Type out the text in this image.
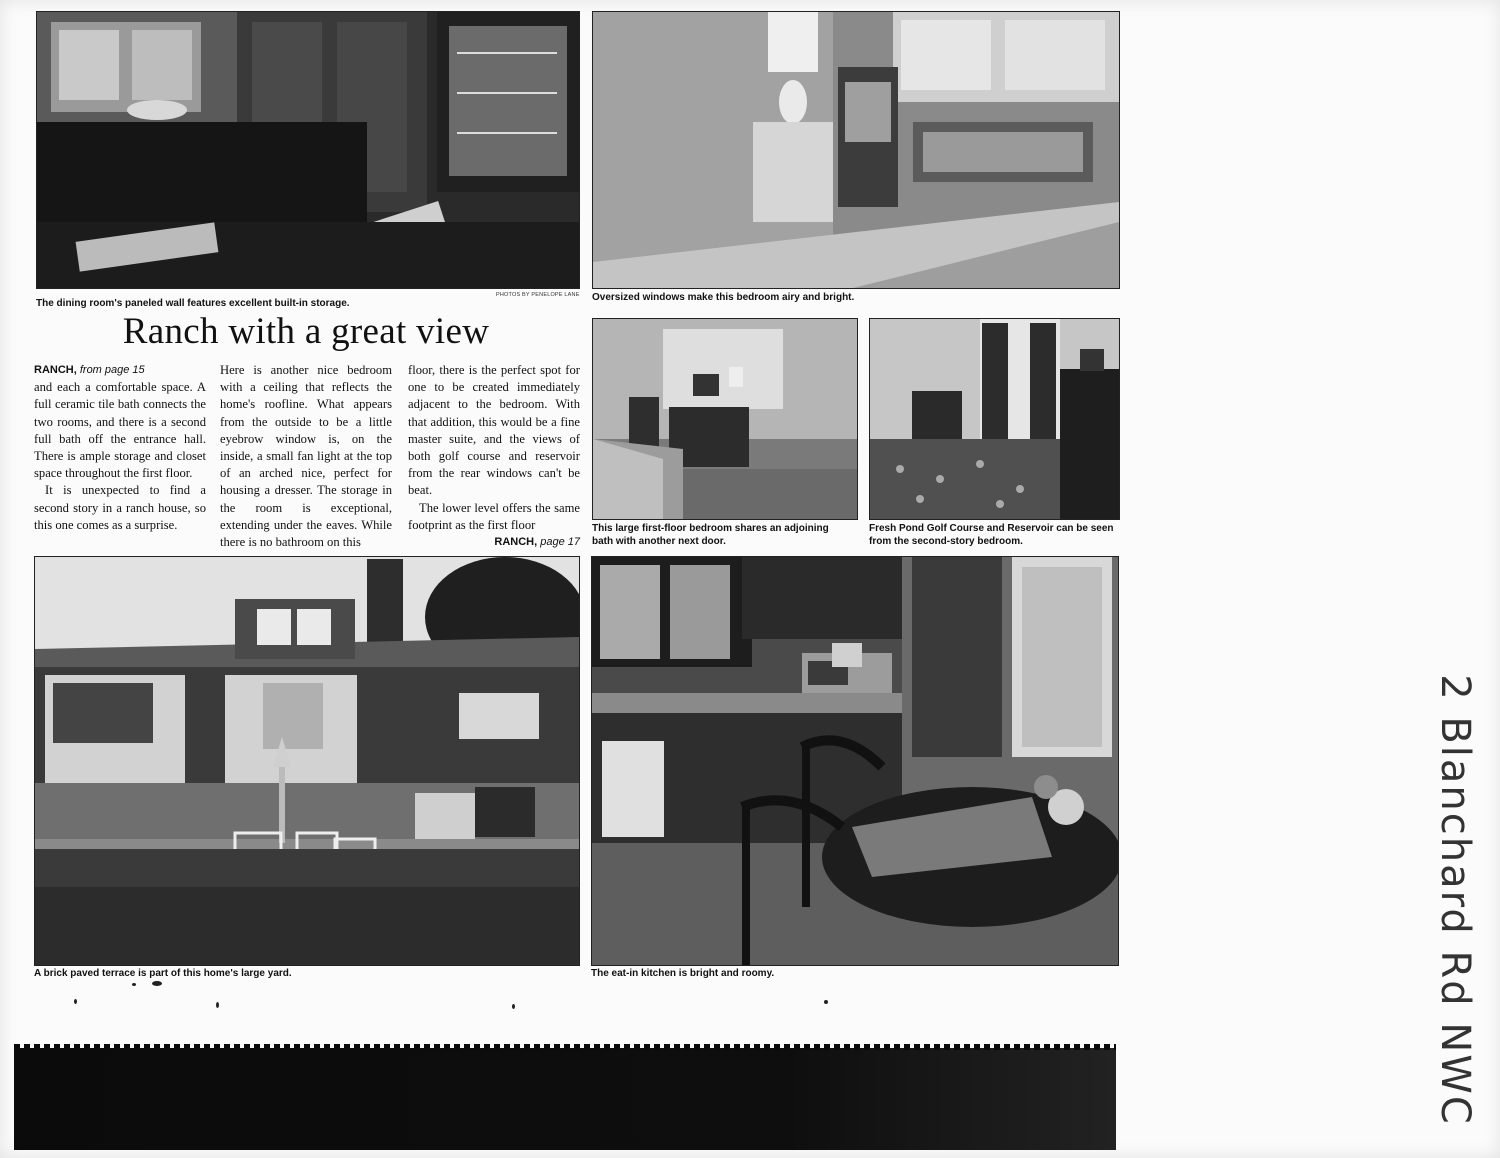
The dining room's paneled wall features excellent built-in storage.
PHOTOS BY PENELOPE LANE	Oversized windows make this bedroom airy and bright.
Ranch with a great view
RANCH, from page 15

and each a comfortable space. A full ceramic tile bath connects the two rooms, and there is a second full bath off the entrance hall. There is ample storage and closet space throughout the first floor.

It is unexpected to find a second story in a ranch house, so this one comes as a surprise.

Here is another nice bedroom with a ceiling that reflects the home's roofline. What appears from the outside to be a little eyebrow window is, on the inside, a small fan light at the top of an arched nice, perfect for housing a dresser. The storage in the room is exceptional, extending under the eaves. While there is no bathroom on this

floor, there is the perfect spot for one to be created immediately adjacent to the bedroom. With that addition, this would be a fine master suite, and the views of both golf course and reservoir from the rear windows can't be beat.

The lower level offers the same footprint as the first floor

RANCH, page 17
This large first-floor bedroom shares an adjoining
bath with another next door.
Fresh Pond Golf Course and Reservoir can be seen
from the second-story bedroom.
A brick paved terrace is part of this home's large yard.	The eat-in kitchen is bright and roomy.	2 Blanchard Rd NWC
